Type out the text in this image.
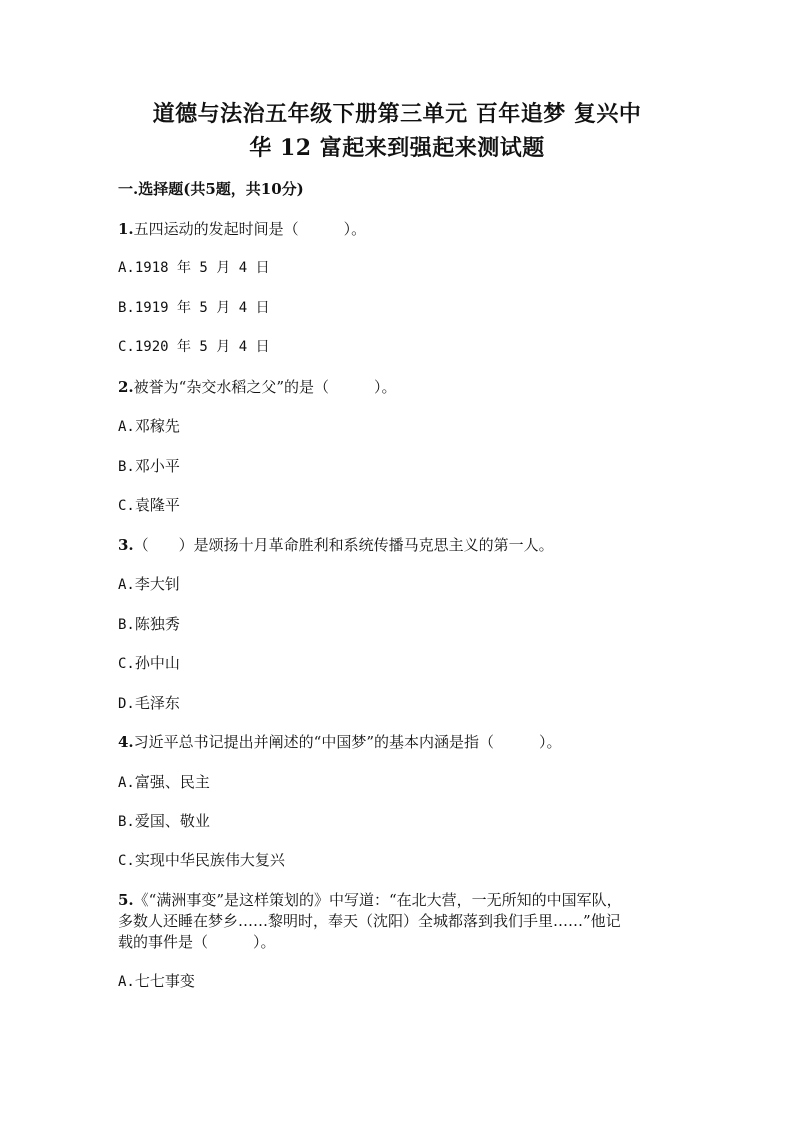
道德与法治五年级下册第三单元 百年追梦 复兴中
华 12 富起来到强起来测试题
一.选择题(共5题，共10分)
1.五四运动的发起时间是（　　　）。
A.1918 年 5 月 4 日
B.1919 年 5 月 4 日
C.1920 年 5 月 4 日
2.被誉为“杂交水稻之父”的是（　　　）。
A.邓稼先
B.邓小平
C.袁隆平
3.（　　）是颂扬十月革命胜利和系统传播马克思主义的第一人。
A.李大钊
B.陈独秀
C.孙中山
D.毛泽东
4.习近平总书记提出并阐述的“中国梦”的基本内涵是指（　　　）。
A.富强、民主
B.爱国、敬业
C.实现中华民族伟大复兴
5.《“满洲事变”是这样策划的》中写道：“在北大营，一无所知的中国军队，
多数人还睡在梦乡……黎明时，奉天（沈阳）全城都落到我们手里……”他记
载的事件是（　　　）。
A.七七事变
